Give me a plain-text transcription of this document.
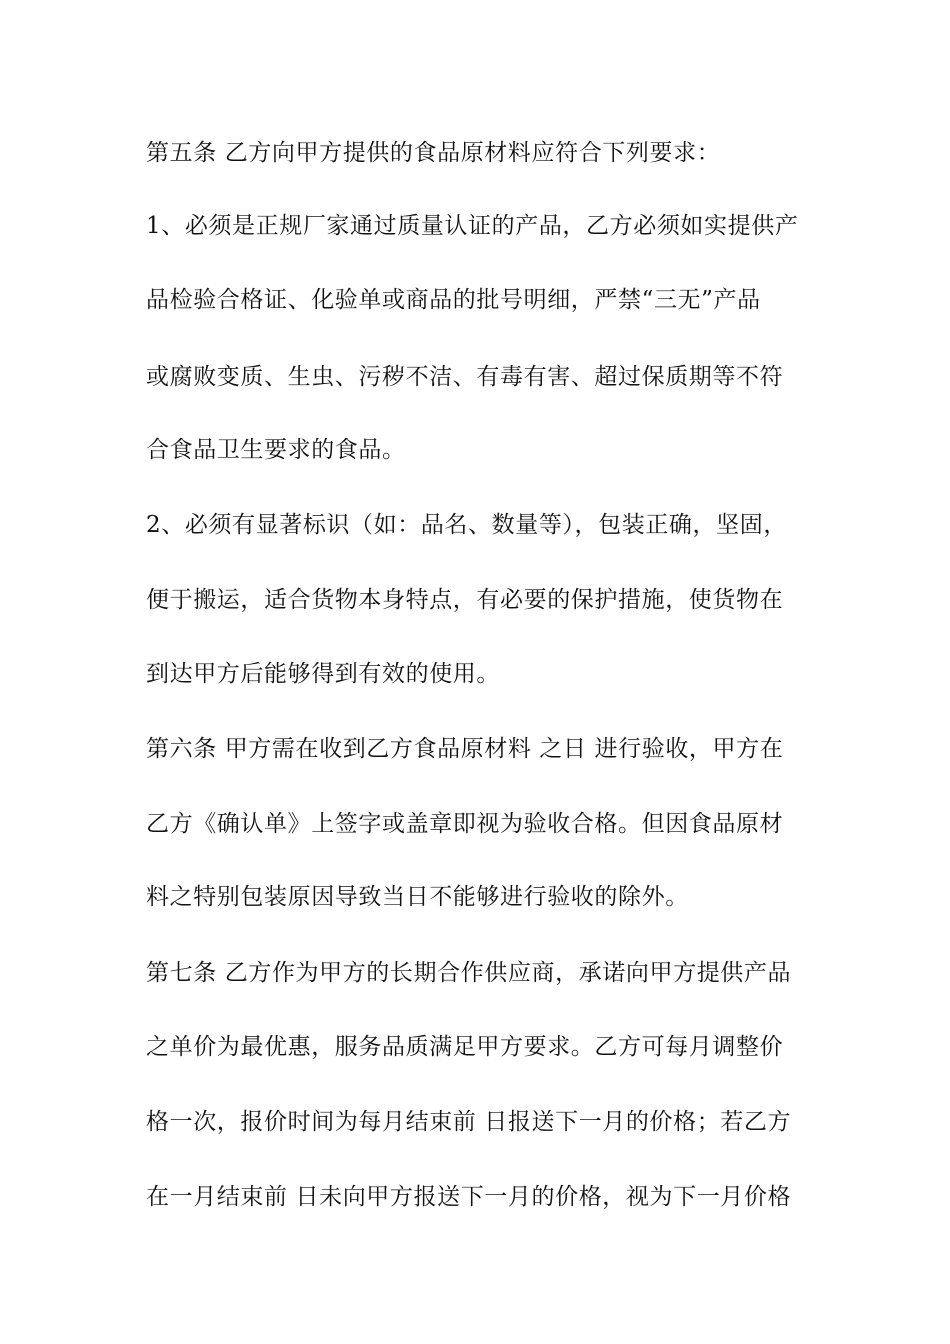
第五条 乙方向甲方提供的食品原材料应符合下列要求：
1、必须是正规厂家通过质量认证的产品，乙方必须如实提供产
品检验合格证、化验单或商品的批号明细，严禁“三无”产品
或腐败变质、生虫、污秽不洁、有毒有害、超过保质期等不符
合食品卫生要求的食品。
2、必须有显著标识（如：品名、数量等），包装正确，坚固，
便于搬运，适合货物本身特点，有必要的保护措施，使货物在
到达甲方后能够得到有效的使用。
第六条 甲方需在收到乙方食品原材料 之日 进行验收，甲方在
乙方《确认单》上签字或盖章即视为验收合格。但因食品原材
料之特别包装原因导致当日不能够进行验收的除外。
第七条 乙方作为甲方的长期合作供应商，承诺向甲方提供产品
之单价为最优惠，服务品质满足甲方要求。乙方可每月调整价
格一次，报价时间为每月结束前 日报送下一月的价格；若乙方
在一月结束前 日未向甲方报送下一月的价格，视为下一月价格
